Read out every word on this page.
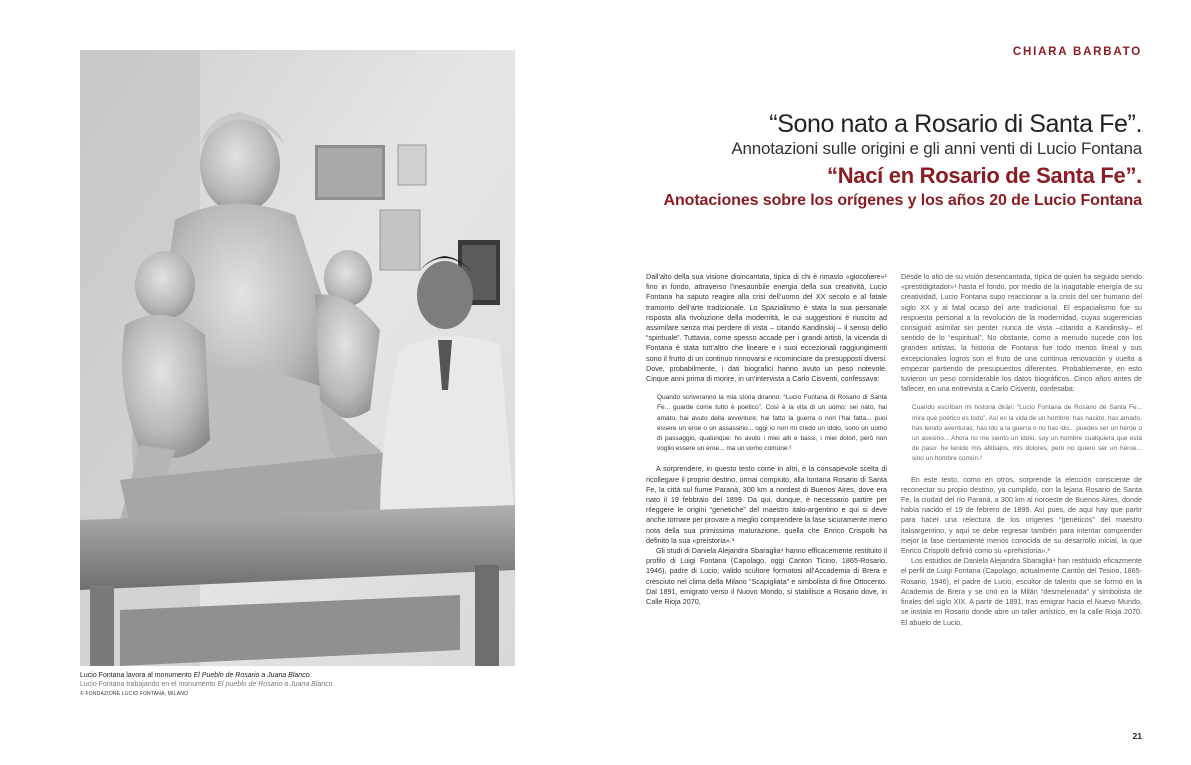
Lucio Fontana lavora al monumento El Pueblo de Rosario a Juana Blanco.
Lucio Fontana trabajando en el monumento El pueblo de Rosario a Juana Blanco.
© FONDAZIONE LUCIO FONTANA, MILANO
CHIARA BARBATO
“Sono nato a Rosario di Santa Fe”.
Annotazioni sulle origini e gli anni venti di Lucio Fontana
“Nací en Rosario de Santa Fe”.
Anotaciones sobre los orígenes y los años 20 de Lucio Fontana

Dall’alto della sua visione disincantata, tipica di chi è rimasto «giocoliere»¹ fino in fondo, attraverso l’inesauribile energia della sua creatività, Lucio Fontana ha saputo reagire alla crisi dell’uomo del XX secolo e al fatale tramonto dell’arte tradizionale. Lo Spazialismo è stata la sua personale risposta alla rivoluzione della modernità, le cui suggestioni è riuscito ad assimilare senza mai perdere di vista – citando Kandinskij – il senso dello “spirituale”. Tuttavia, come spesso accade per i grandi artisti, la vicenda di Fontana è stata tutt’altro che lineare e i suoi eccezionali raggiungimenti sono il frutto di un continuo rinnovarsi e ricominciare da presupposti diversi. Dove, probabilmente, i dati biografici hanno avuto un peso notevole. Cinque anni prima di morire, in un’intervista a Carlo Cisventi, confessava:

Quando scriveranno la mia storia diranno: “Lucio Fontana di Rosario di Santa Fe... guarde come tutto è poetico”. Così è la vita di un uomo: sei nato, hai amato, hai avuto della avventure; hai fatto la guerra o non l’hai fatta... puoi essere un eroe o un assassino... oggi io non mi credo un idolo, sono un uomo di passaggio, qualunque: ho avuto i miei alti e bassi, i miei dolori, però non voglio essere un eroe... ma un uomo comune.²

A sorprendere, in questo testo come in altri, è la consapevole scelta di ricollegare il proprio destino, ormai compiuto, alla lontana Rosario di Santa Fe, la città sul fiume Paranà, 300 km a nordest di Buenos Aires, dove era nato il 19 febbraio del 1899. Da qui, dunque, è necessario partire per rileggere le origini “genetiche” del maestro italo-argentino e qui si deve anche tornare per provare a meglio comprendere la fase sicuramente meno nota della sua primissima maturazione, quella che Enrico Crispolti ha definito la sua «preistoria».³

Gli studi di Daniela Alejandra Sbaraglia⁴ hanno efficacemente restituito il profilo di Luigi Fontana (Capolago, oggi Canton Ticino, 1865-Rosario, 1946), padre di Lucio, valido scultore formatosi all’Accademia di Brera e cresciuto nel clima della Milano “Scapigliata” e simbolista di fine Ottocento. Dal 1891, emigrato verso il Nuovo Mondo, si stabilisce a Rosario dove, in Calle Rioja 2070,

Desde lo alto de su visión desencantada, típica de quien ha seguido siendo «prestidigitador»¹ hasta el fondo, por medio de la inagotable energía de su creatividad, Lucio Fontana supo reaccionar a la crisis del ser humano del siglo XX y al fatal ocaso del arte tradicional. El espacialismo fue su respuesta personal a la revolución de la modernidad, cuyas sugerencias consiguió asimilar sin perder nunca de vista –citando a Kandinsky– el sentido de lo “espiritual”. No obstante, como a menudo sucede con los grandes artistas, la historia de Fontana fue todo menos lineal y sus excepcionales logros son el fruto de una continua renovación y vuelta a empezar partiendo de presupuestos diferentes. Probablemente, en esto tuvieron un peso considerable los datos biográficos. Cinco años antes de fallecer, en una entrevista a Carlo Cisventi, confesaba:

Cuando escriban mi historia dirán: “Lucio Fontana de Rosario de Santa Fe... mira qué poético es todo”. Así es la vida de un hombre: has nacido, has amado, has tenido aventuras; has ido a la guerra o no has ido... puedes ser un héroe o un asesino... Ahora no me siento un ídolo, soy un hombre cualquiera que está de paso: he tenido mis altibajos, mis dolores, pero no quiero ser un héroe... sino un hombre común.²

En este texto, como en otros, sorprende la elección consciente de reconectar su propio destino, ya cumplido, con la lejana Rosario de Santa Fe, la ciudad del río Paraná, a 300 km al noroeste de Buenos Aires, donde había nacido el 19 de febrero de 1899. Así pues, de aquí hay que partir para hacer una relectura de los orígenes “genéticos” del maestro italoargentino, y aquí se debe regresar también para intentar comprender mejor la fase ciertamente menos conocida de su desarrollo inicial, la que Enrico Crispolti definió como su «prehistoria».³

Los estudios de Daniela Alejandra Sbaraglia⁴ han restituido eficazmente el perfil de Luigi Fontana (Capolago, actualmente Cantón del Tesino, 1865-Rosario, 1946), el padre de Lucio, escultor de talento que se formó en la Academia de Brera y se crió en la Milán “desmelenada” y simbolista de finales del siglo XIX. A partir de 1891, tras emigrar hacia el Nuevo Mundo, se instala en Rosario donde abre un taller artístico, en la calle Rioja 2070. El abuelo de Lucio,

21
